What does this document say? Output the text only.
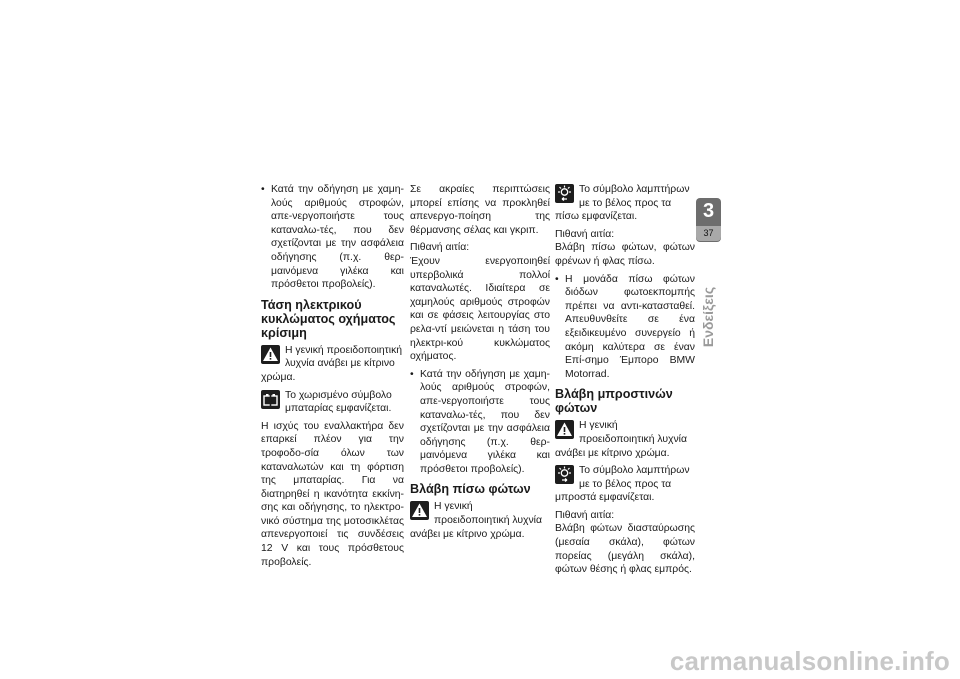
• Κατά την οδήγηση με χαμη-λούς αριθμούς στροφών, απε-νεργοποιήστε τους καταναλω-τές, που δεν σχετίζονται με την ασφάλεια οδήγησης (π.χ. θερ-μαινόμενα γιλέκα και πρόσθετοι προβολείς).
Τάση ηλεκτρικού κυκλώματος οχήματος κρίσιμη
Η γενική προειδοποιητική λυχνία ανάβει με κίτρινο χρώμα.
Το χωρισμένο σύμβολο μπαταρίας εμφανίζεται.

Η ισχύς του εναλλακτήρα δεν επαρκεί πλέον για την τροφοδο-σία όλων των καταναλωτών και τη φόρτιση της μπαταρίας. Για να διατηρηθεί η ικανότητα εκκίνη-σης και οδήγησης, το ηλεκτρο-νικό σύστημα της μοτοσικλέτας απενεργοποιεί τις συνδέσεις 12 V και τους πρόσθετους προβολείς.

Σε ακραίες περιπτώσεις μπορεί επίσης να προκληθεί απενεργο-ποίηση της θέρμανσης σέλας και γκριπ.

Πιθανή αιτία:

Έχουν ενεργοποιηθεί υπερβολικά πολλοί καταναλωτές. Ιδιαίτερα σε χαμηλούς αριθμούς στροφών και σε φάσεις λειτουργίας στο ρελα-ντί μειώνεται η τάση του ηλεκτρι-κού κυκλώματος οχήματος.

• Κατά την οδήγηση με χαμη-λούς αριθμούς στροφών, απε-νεργοποιήστε τους καταναλω-τές, που δεν σχετίζονται με την ασφάλεια οδήγησης (π.χ. θερ-μαινόμενα γιλέκα και πρόσθετοι προβολείς).
Βλάβη πίσω φώτων
Η γενική προειδοποιητική λυχνία ανάβει με κίτρινο χρώμα.
Το σύμβολο λαμπτήρων με το βέλος προς τα πίσω εμφανίζεται.

Πιθανή αιτία:

Βλάβη πίσω φώτων, φώτων φρένων ή φλας πίσω.

• Η μονάδα πίσω φώτων διόδων φωτοεκπομπής πρέπει να αντι-κατασταθεί. Απευθυνθείτε σε ένα εξειδικευμένο συνεργείο ή ακόμη καλύτερα σε έναν Επί-σημο Έμπορο BMW Motorrad.
Βλάβη μπροστινών φώτων
Η γενική προειδοποιητική λυχνία ανάβει με κίτρινο χρώμα.
Το σύμβολο λαμπτήρων με το βέλος προς τα μπροστά εμφανίζεται.

Πιθανή αιτία:

Βλάβη φώτων διασταύρωσης (μεσαία σκάλα), φώτων πορείας (μεγάλη σκάλα), φώτων θέσης ή φλας εμπρός.

3
37
Ενδείξεις
carmanualsonline.info
